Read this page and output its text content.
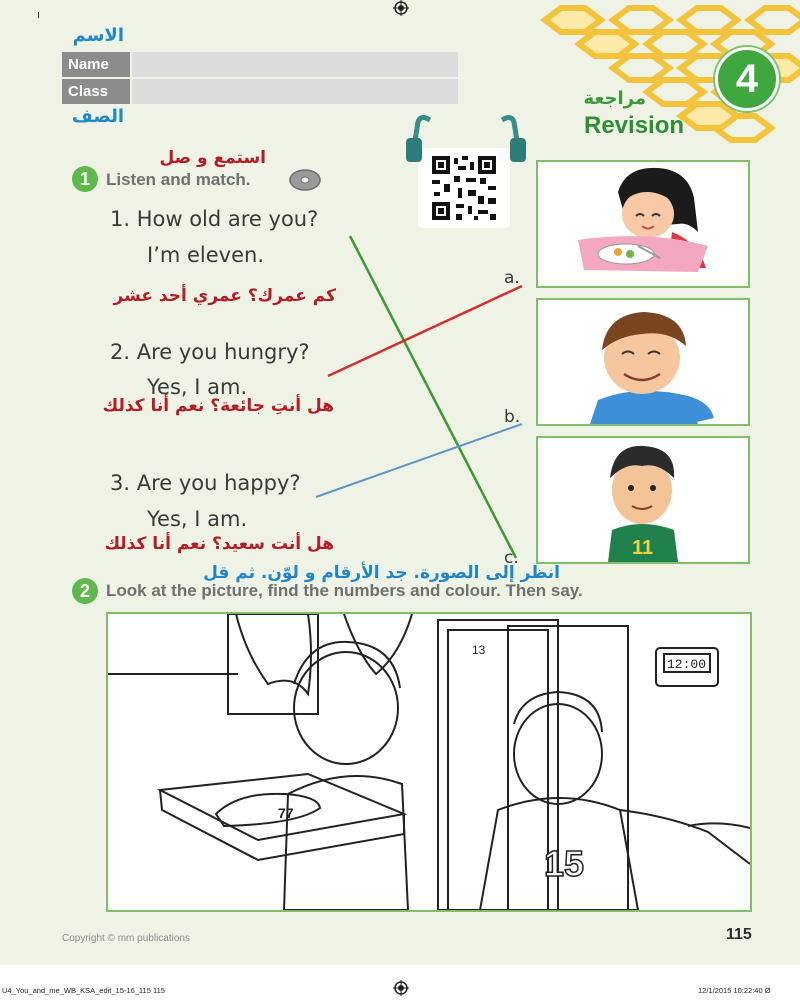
الاسم
Name
Class
الصف
4
مراجعة
Revision
استمع و صل
1 Listen and match.
1. How old are you?
I’m eleven.
كم عمرك؟ عمري أحد عشر
2. Are you hungry?
Yes, I am.
هل أنتِ جائعة؟ نعم أنا كذلك
3. Are you happy?
Yes, I am.
هل أنت سعيد؟ نعم أنا كذلك
a.
b.
c.	11
انظر إلى الصورة. جد الأرقام و لوّن. ثم قل
2 Look at the picture, find the numbers and colour. Then say.
13
12:00
77
15
Copyright © mm publications	115
U4_You_and_me_WB_KSA_edit_15-16_115 115	12/1/2015 10:22:40 Ø
